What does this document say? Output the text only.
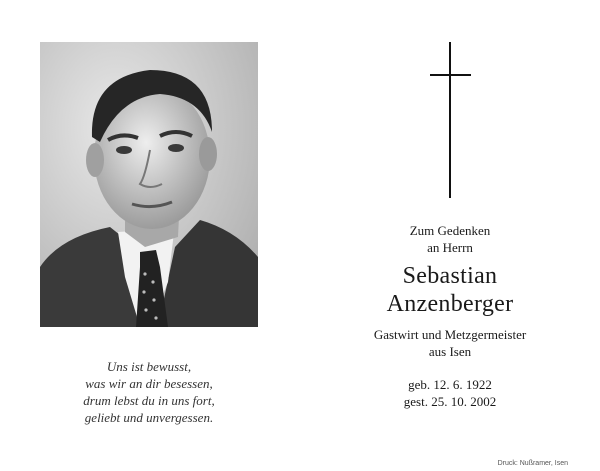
Uns ist bewusst,
was wir an dir besessen,
drum lebst du in uns fort,
geliebt und unvergessen.
Zum Gedenken
an Herrn
Sebastian
Anzenberger
Gastwirt und Metzgermeister
aus Isen
geb. 12. 6. 1922
gest. 25. 10. 2002
Druck: Nußramer, Isen
